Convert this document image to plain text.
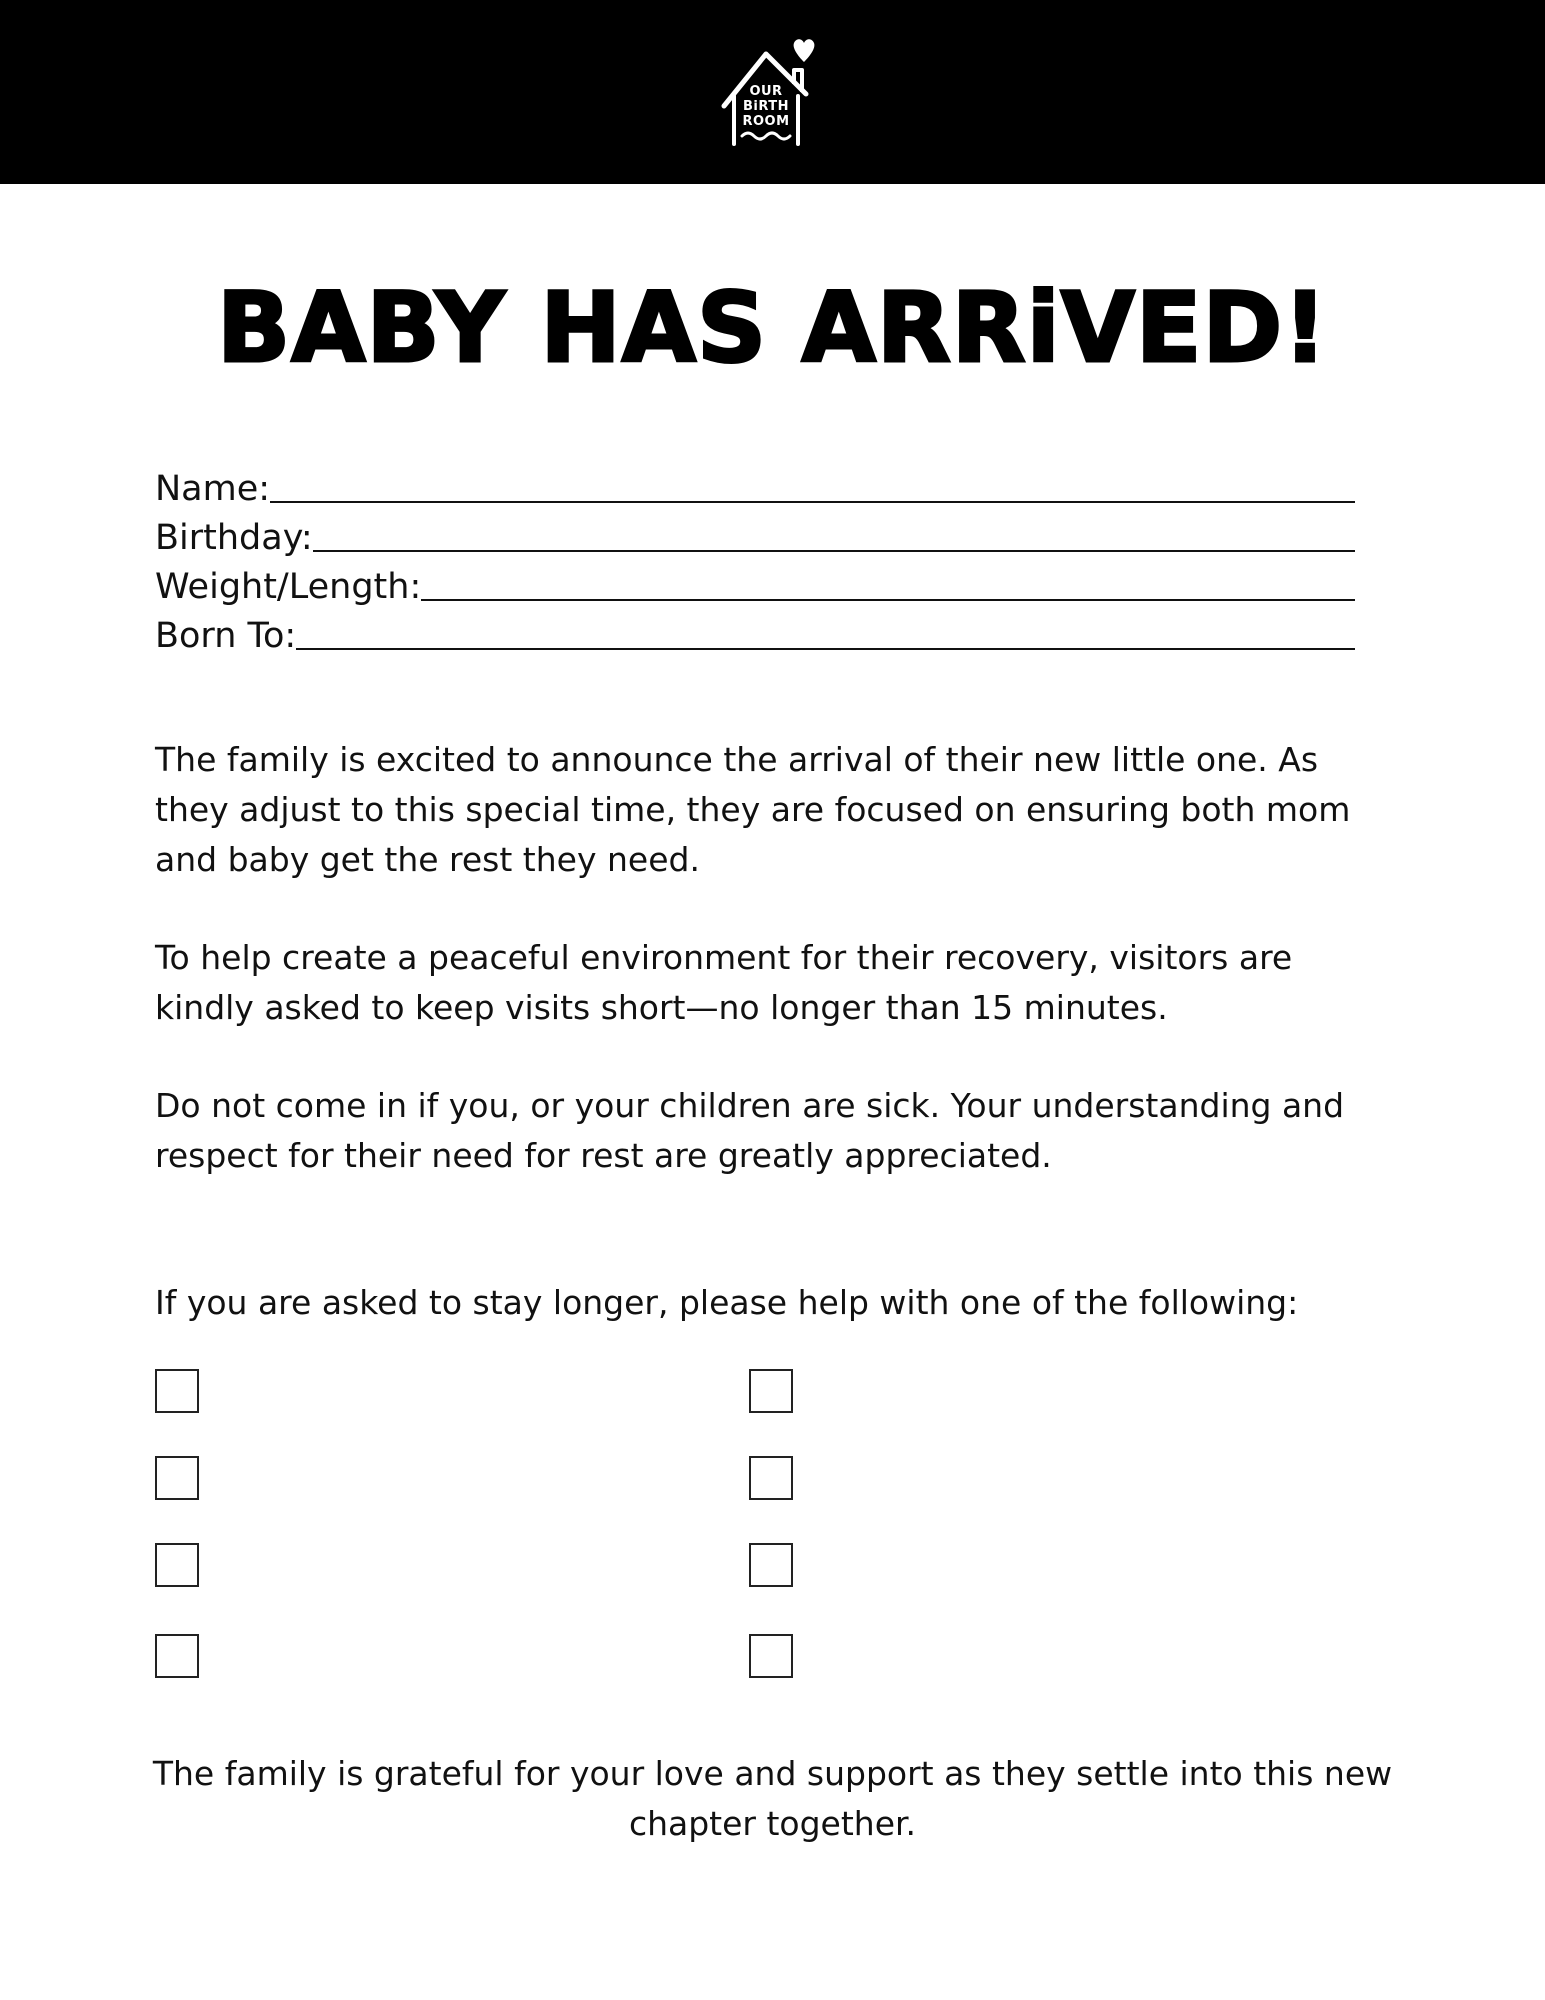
OUR
BiRTH
ROOM
BABY HAS ARRiVED!
Name:
Birthday:
Weight/Length:
Born To:

The family is excited to announce the arrival of their new little one. As they adjust to this special time, they are focused on ensuring both mom and baby get the rest they need.

To help create a peaceful environment for their recovery, visitors are kindly asked to keep visits short—no longer than 15 minutes.

Do not come in if you, or your children are sick. Your understanding and respect for their need for rest are greatly appreciated.

If you are asked to stay longer, please help with one of the following:

The family is grateful for your love and support as they settle into this new chapter together.
